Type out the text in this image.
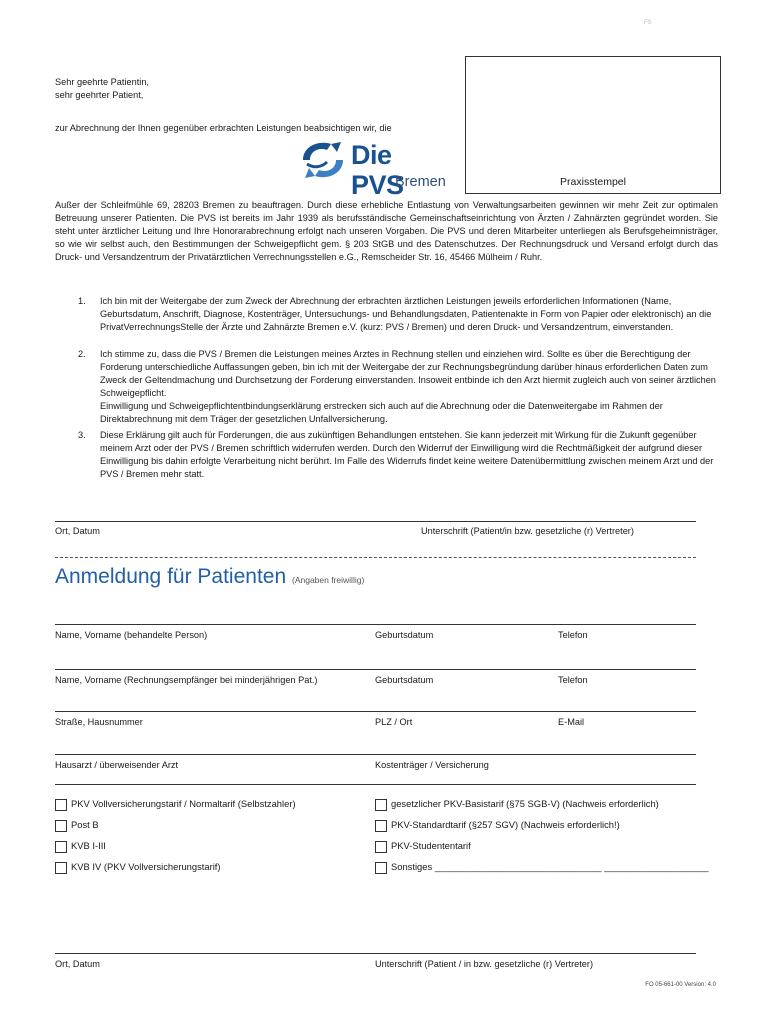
FS
Sehr geehrte Patientin,
sehr geehrter Patient,
Praxisstempel
zur Abrechnung der Ihnen gegenüber erbrachten Leistungen beabsichtigen wir, die
Die PVS
Bremen
Außer der Schleifmühle 69, 28203 Bremen zu beauftragen. Durch diese erhebliche Entlastung von Verwaltungsarbeiten gewinnen wir mehr Zeit zur optimalen Betreuung unserer Patienten. Die PVS ist bereits im Jahr 1939 als berufsständische Gemeinschaftseinrichtung von Ärzten / Zahnärzten gegründet worden. Sie steht unter ärztlicher Leitung und Ihre Honorarabrechnung erfolgt nach unseren Vorgaben. Die PVS und deren Mitarbeiter unterliegen als Berufsgeheimnisträger, so wie wir selbst auch, den Bestimmungen der Schweigepflicht gem. § 203 StGB und des Datenschutzes. Der Rechnungsdruck und Versand erfolgt durch das Druck- und Versandzentrum der Privatärztlichen Verrechnungsstellen e.G., Remscheider Str. 16, 45466 Mülheim / Ruhr.
1. Ich bin mit der Weitergabe der zum Zweck der Abrechnung der erbrachten ärztlichen Leistungen jeweils erforderlichen Informationen (Name, Geburtsdatum, Anschrift, Diagnose, Kostenträger, Untersuchungs- und Behandlungsdaten, Patientenakte in Form von Papier oder elektronisch) an die PrivatVerrechnungsStelle der Ärzte und Zahnärzte Bremen e.V. (kurz: PVS / Bremen) und deren Druck- und Versandzentrum, einverstanden.
2. Ich stimme zu, dass die PVS / Bremen die Leistungen meines Arztes in Rechnung stellen und einziehen wird. Sollte es über die Berechtigung der Forderung unterschiedliche Auffassungen geben, bin ich mit der Weitergabe der zur Rechnungsbegründung darüber hinaus erforderlichen Daten zum Zweck der Geltendmachung und Durchsetzung der Forderung einverstanden. Insoweit entbinde ich den Arzt hiermit zugleich auch von seiner ärztlichen Schweigepflicht.
Einwilligung und Schweigepflichtentbindungserklärung erstrecken sich auch auf die Abrechnung oder die Datenweitergabe im Rahmen der Direktabrechnung mit dem Träger der gesetzlichen Unfallversicherung.
3. Diese Erklärung gilt auch für Forderungen, die aus zukünftigen Behandlungen entstehen. Sie kann jederzeit mit Wirkung für die Zukunft gegenüber meinem Arzt oder der PVS / Bremen schriftlich widerrufen werden. Durch den Widerruf der Einwilligung wird die Rechtmäßigkeit der aufgrund dieser Einwilligung bis dahin erfolgte Verarbeitung nicht berührt. Im Falle des Widerrufs findet keine weitere Datenübermittlung zwischen meinem Arzt und der PVS / Bremen mehr statt.
Ort, Datum	Unterschrift (Patient/in bzw. gesetzliche (r) Vertreter)
Anmeldung für Patienten (Angaben freiwillig)
Name, Vorname (behandelte Person)	Geburtsdatum	Telefon
Name, Vorname (Rechnungsempfänger bei minderjährigen Pat.)	Geburtsdatum	Telefon
Straße, Hausnummer	PLZ / Ort	E-Mail
Hausarzt / überweisender Arzt	Kostenträger / Versicherung
PKV Vollversicherungstarif / Normaltarif (Selbstzahler)
Post B
KVB I-III
KVB IV (PKV Vollversicherungstarif)
gesetzlicher PKV-Basistarif (§75 SGB-V) (Nachweis erforderlich)
PKV-Standardtarif (§257 SGV) (Nachweis erforderlich!)
PKV-Studententarif
Sonstiges ________________________________ ____________________
Ort, Datum	Unterschrift (Patient / in bzw. gesetzliche (r) Vertreter)
FO 05-661-00 Version: 4.0
